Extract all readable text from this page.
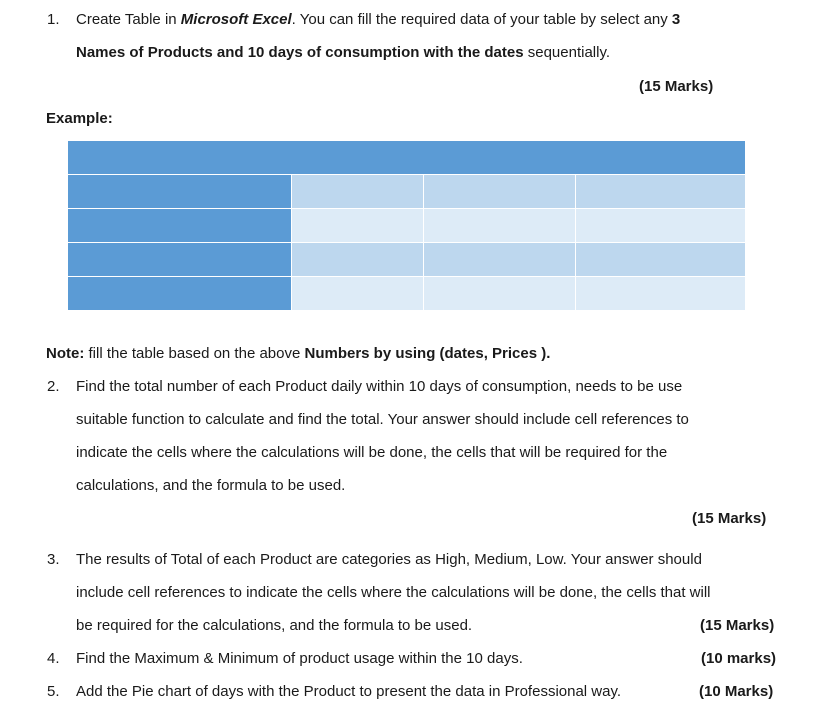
1. Create Table in Microsoft Excel. You can fill the required data of your table by select any 3
Names of Products and 10 days of consumption with the dates sequentially.
(15 Marks)
Example:

Note: fill the table based on the above Numbers by using (dates, Prices ).
2. Find the total number of each Product daily within 10 days of consumption, needs to be use
suitable function to calculate and find the total. Your answer should include cell references to
indicate the cells where the calculations will be done, the cells that will be required for the
calculations, and the formula to be used.
(15 Marks)
3. The results of Total of each Product are categories as High, Medium, Low. Your answer should
include cell references to indicate the cells where the calculations will be done, the cells that will
be required for the calculations, and the formula to be used.	(15 Marks)
4. Find the Maximum & Minimum of product usage within the 10 days.	(10 marks)
5. Add the Pie chart of days with the Product to present the data in Professional way.	(10 Marks)
